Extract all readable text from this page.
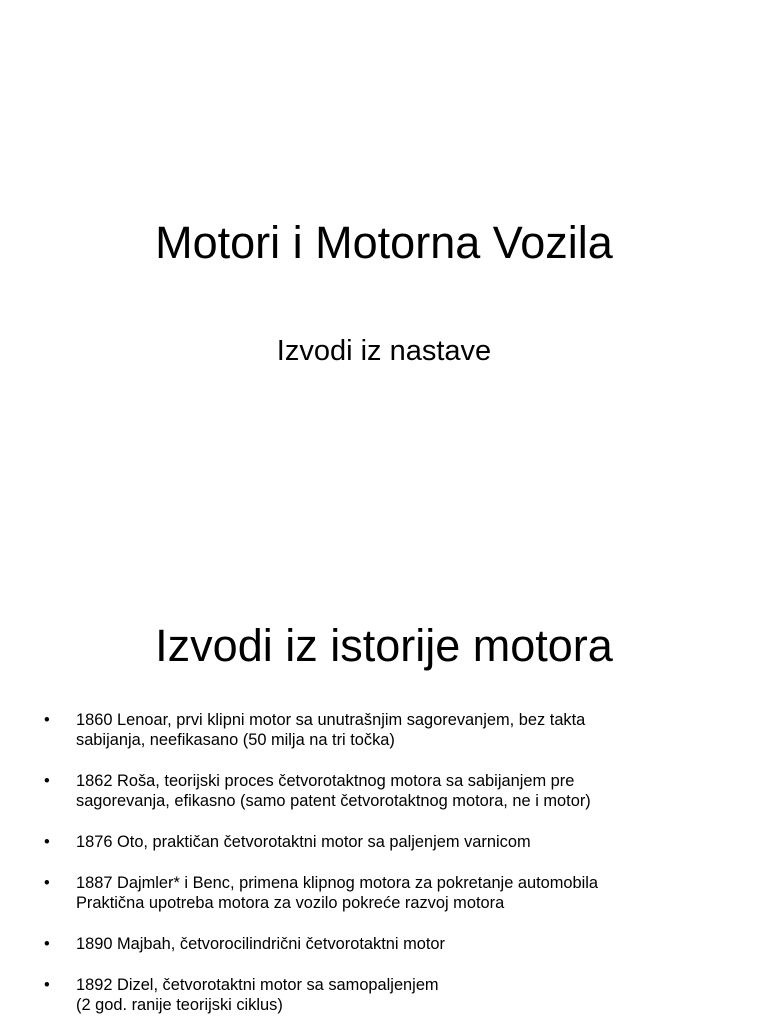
Motori i Motorna Vozila
Izvodi iz nastave
Izvodi iz istorije motora
• 1860 Lenoar, prvi klipni motor sa unutrašnjim sagorevanjem, bez takta
sabijanja, neefikasano (50 milja na tri točka)
• 1862 Roša, teorijski proces četvorotaktnog motora sa sabijanjem pre
sagorevanja, efikasno (samo patent četvorotaktnog motora, ne i motor)
• 1876 Oto, praktičan četvorotaktni motor sa paljenjem varnicom
• 1887 Dajmler* i Benc, primena klipnog motora za pokretanje automobila
Praktična upotreba motora za vozilo pokreće razvoj motora
• 1890 Majbah, četvorocilindrični četvorotaktni motor
• 1892 Dizel, četvorotaktni motor sa samopaljenjem
(2 god. ranije teorijski ciklus)
